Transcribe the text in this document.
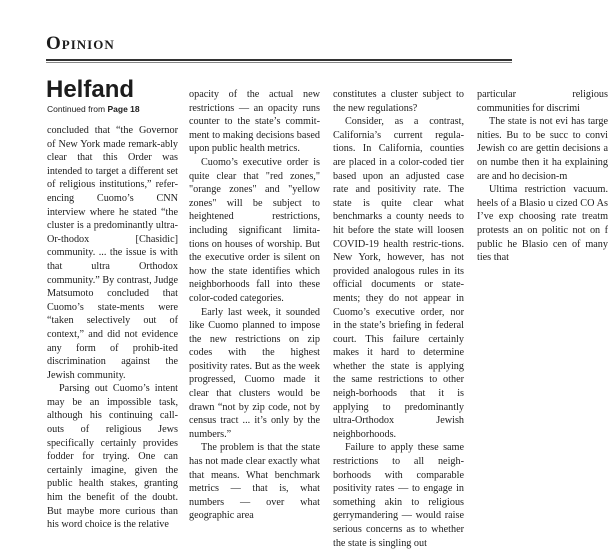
Opinion
Helfand
Continued from Page 18

concluded that “the Governor of New York made remark-ably clear that this Order was intended to target a different set of religious institutions,” refer-encing Cuomo’s CNN interview where he stated “the cluster is a predominantly ultra-Or-thodox [Chasidic] community. ... the issue is with that ultra Orthodox community.” By contrast, Judge Matsumoto concluded that Cuomo’s state-ments were “taken selectively out of context,” and did not evidence any form of prohib-ited discrimination against the Jewish community.

Parsing out Cuomo’s intent may be an impossible task, although his continuing call-outs of religious Jews specifically certainly provides fodder for trying. One can certainly imagine, given the public health stakes, granting him the benefit of the doubt. But maybe more curious than his word choice is the relative

opacity of the actual new restrictions — an opacity runs counter to the state’s commit-ment to making decisions based upon public health metrics.

Cuomo’s executive order is quite clear that "red zones," "orange zones" and "yellow zones" will be subject to heightened restrictions, including significant limita-tions on houses of worship. But the executive order is silent on how the state identifies which neighborhoods fall into these color-coded categories.

Early last week, it sounded like Cuomo planned to impose the new restrictions on zip codes with the highest positivity rates. But as the week progressed, Cuomo made it clear that clusters would be drawn “not by zip code, not by census tract ... it’s only by the numbers.”

The problem is that the state has not made clear exactly what that means. What benchmark metrics — that is, what numbers — over what geographic area

constitutes a cluster subject to the new regulations?

Consider, as a contrast, California’s current regula-tions. In California, counties are placed in a color-coded tier based upon an adjusted case rate and positivity rate. The state is quite clear what benchmarks a county needs to hit before the state will loosen COVID-19 health restric-tions. New York, however, has not provided analogous rules in its official documents or state-ments; they do not appear in Cuomo’s executive order, nor in the state’s briefing in federal court. This failure certainly makes it hard to determine whether the state is applying the same restrictions to other neigh-borhoods that it is applying to predominantly ultra-Orthodox Jewish neighborhoods.

Failure to apply these same restrictions to all neigh-borhoods with comparable positivity rates — to engage in something akin to religious gerrymandering — would raise serious concerns as to whether the state is singling out

particular religious communities for discrimi

The state is not evi has targe nities. Bu to be succ to convi Jewish co are gettin decisions a on numbe then it ha explaining are and ho decision-m

Ultima restriction vacuum. heels of a Blasio u cized CO As I’ve exp choosing rate treatm protests an on politic not on f public he Blasio cen of many ties that
